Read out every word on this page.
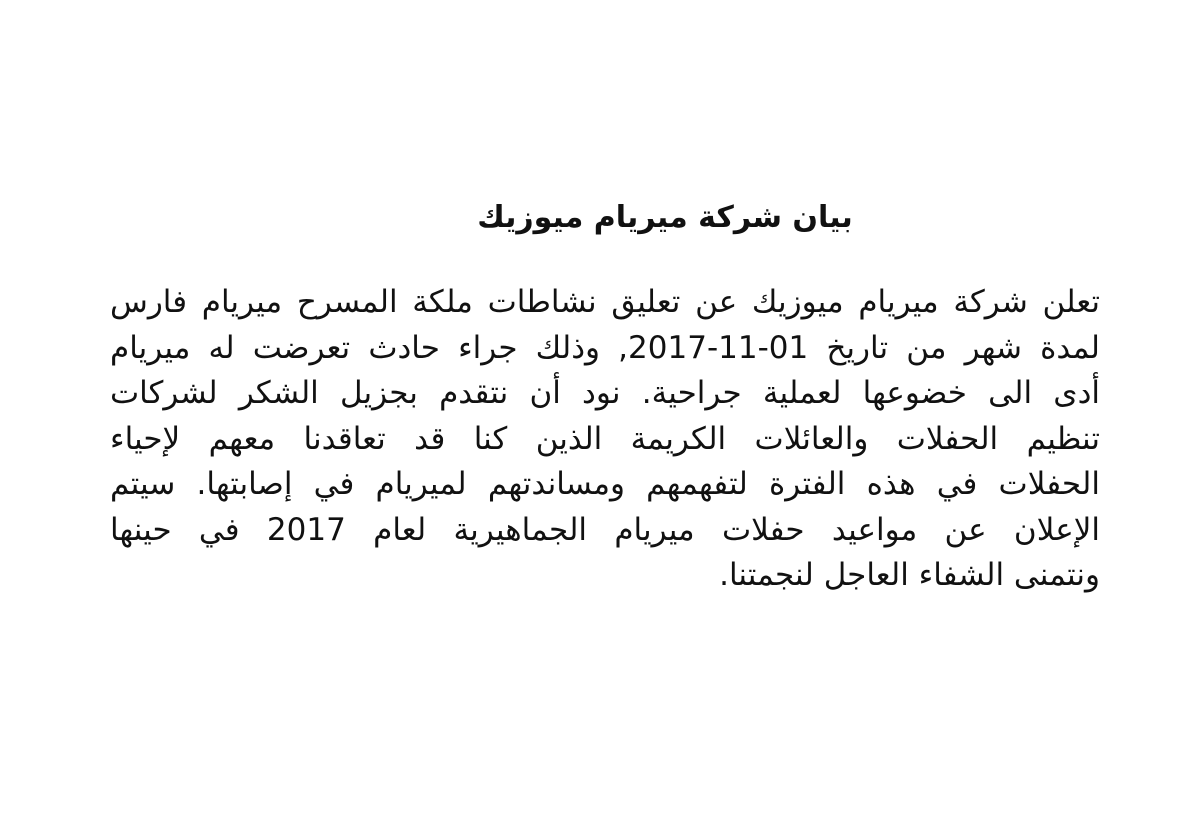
بيان شركة ميريام ميوزيك
تعلن شركة ميريام ميوزيك عن تعليق نشاطات ملكة المسرح ميريام فارس
لمدة شهر من تاريخ 01-11-2017, وذلك جراء حادث تعرضت له ميريام
أدى الى خضوعها لعملية جراحية. نود أن نتقدم بجزيل الشكر لشركات
تنظيم الحفلات والعائلات الكريمة الذين كنا قد تعاقدنا معهم لإحياء
الحفلات في هذه الفترة لتفهمهم ومساندتهم لميريام في إصابتها. سيتم
الإعلان عن مواعيد حفلات ميريام الجماهيرية لعام 2017 في حينها
ونتمنى الشفاء العاجل لنجمتنا.
